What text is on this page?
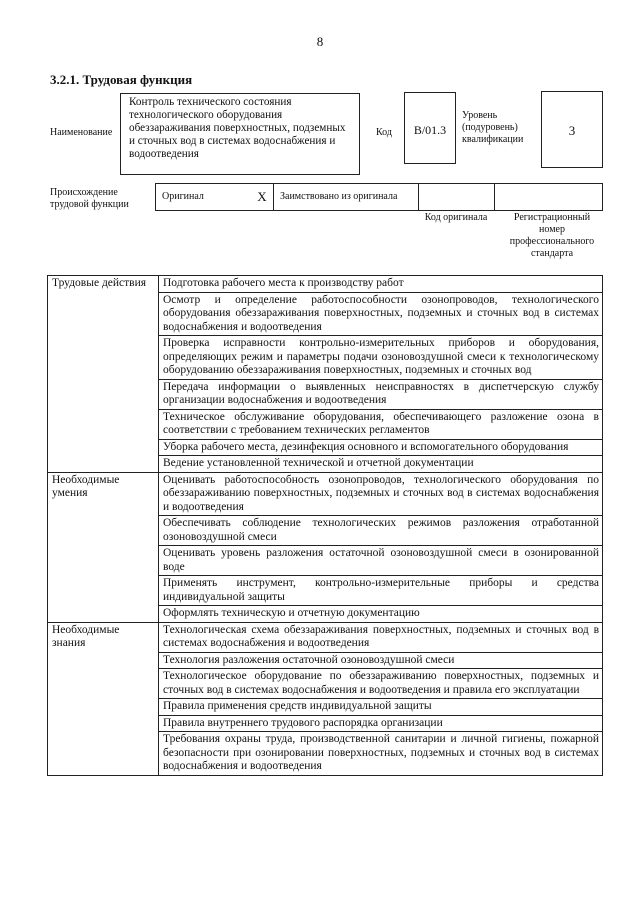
8
3.2.1. Трудовая функция
Наименование
Контроль технического состояния технологического оборудования обеззараживания поверхностных, подземных и сточных вод в системах водоснабжения и водоотведения
Код	B/01.3
Уровень (подуровень) квалификации
3
Происхождение трудовой функции
Оригинал	X	Заимствовано из оригинала
Код оригинала	Регистрационный номер профессионального стандарта
Трудовые действия	Подготовка рабочего места к производству работ
	Осмотр и определение работоспособности озонопроводов, технологического оборудования обеззараживания поверхностных, подземных и сточных вод в системах водоснабжения и водоотведения
	Проверка исправности контрольно-измерительных приборов и оборудования, определяющих режим и параметры подачи озоновоздушной смеси к технологическому оборудованию обеззараживания поверхностных, подземных и сточных вод
	Передача информации о выявленных неисправностях в диспетчерскую службу организации водоснабжения и водоотведения
	Техническое обслуживание оборудования, обеспечивающего разложение озона в соответствии с требованием технических регламентов
	Уборка рабочего места, дезинфекция основного и вспомогательного оборудования
	Ведение установленной технической и отчетной документации
Необходимые умения	Оценивать работоспособность озонопроводов, технологического оборудования по обеззараживанию поверхностных, подземных и сточных вод в системах водоснабжения и водоотведения
	Обеспечивать соблюдение технологических режимов разложения отработанной озоновоздушной смеси
	Оценивать уровень разложения остаточной озоновоздушной смеси в озонированной воде
	Применять инструмент, контрольно-измерительные приборы и средства индивидуальной защиты
	Оформлять техническую и отчетную документацию
Необходимые знания	Технологическая схема обеззараживания поверхностных, подземных и сточных вод в системах водоснабжения и водоотведения
	Технология разложения остаточной озоновоздушной смеси
	Технологическое оборудование по обеззараживанию поверхностных, подземных и сточных вод в системах водоснабжения и водоотведения и правила его эксплуатации
	Правила применения средств индивидуальной защиты
	Правила внутреннего трудового распорядка организации
	Требования охраны труда, производственной санитарии и личной гигиены, пожарной безопасности при озонировании поверхностных, подземных и сточных вод в системах водоснабжения и водоотведения
